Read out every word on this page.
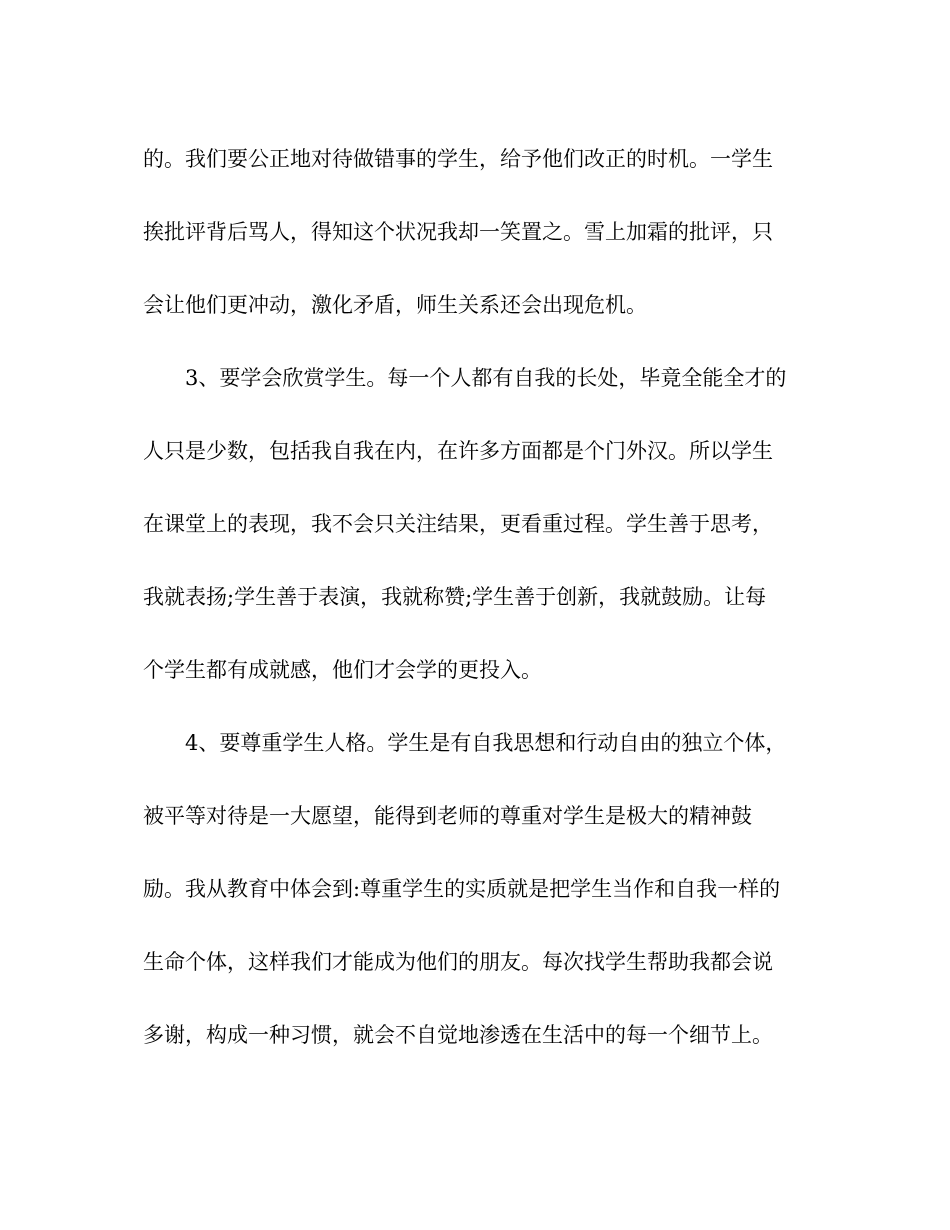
的。我们要公正地对待做错事的学生，给予他们改正的时机。一学生
挨批评背后骂人，得知这个状况我却一笑置之。雪上加霜的批评，只
会让他们更冲动，激化矛盾，师生关系还会出现危机。
　　3、要学会欣赏学生。每一个人都有自我的长处，毕竟全能全才的
人只是少数，包括我自我在内，在许多方面都是个门外汉。所以学生
在课堂上的表现，我不会只关注结果，更看重过程。学生善于思考，
我就表扬;学生善于表演，我就称赞;学生善于创新，我就鼓励。让每
个学生都有成就感，他们才会学的更投入。
　　4、要尊重学生人格。学生是有自我思想和行动自由的独立个体，
被平等对待是一大愿望，能得到老师的尊重对学生是极大的精神鼓
励。我从教育中体会到:尊重学生的实质就是把学生当作和自我一样的
生命个体，这样我们才能成为他们的朋友。每次找学生帮助我都会说
多谢，构成一种习惯，就会不自觉地渗透在生活中的每一个细节上。
